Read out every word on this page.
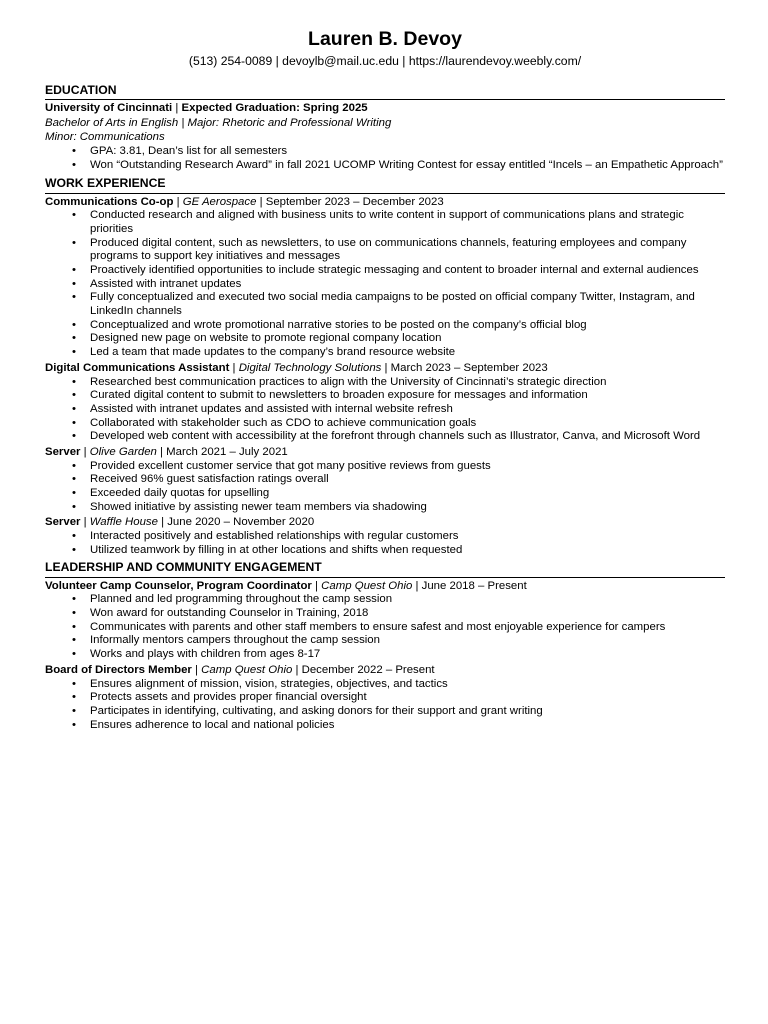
Lauren B. Devoy
(513) 254-0089 | devoylb@mail.uc.edu | https://laurendevoy.weebly.com/
EDUCATION
University of Cincinnati | Expected Graduation: Spring 2025
Bachelor of Arts in English | Major: Rhetoric and Professional Writing
Minor: Communications
• GPA: 3.81, Dean’s list for all semesters
• Won “Outstanding Research Award” in fall 2021 UCOMP Writing Contest for essay entitled “Incels – an Empathetic Approach”
WORK EXPERIENCE
Communications Co-op | GE Aerospace | September 2023 – December 2023
• Conducted research and aligned with business units to write content in support of communications plans and strategic priorities
• Produced digital content, such as newsletters, to use on communications channels, featuring employees and company programs to support key initiatives and messages
• Proactively identified opportunities to include strategic messaging and content to broader internal and external audiences
• Assisted with intranet updates
• Fully conceptualized and executed two social media campaigns to be posted on official company Twitter, Instagram, and LinkedIn channels
• Conceptualized and wrote promotional narrative stories to be posted on the company’s official blog
• Designed new page on website to promote regional company location
• Led a team that made updates to the company’s brand resource website
Digital Communications Assistant | Digital Technology Solutions | March 2023 – September 2023
• Researched best communication practices to align with the University of Cincinnati’s strategic direction
• Curated digital content to submit to newsletters to broaden exposure for messages and information
• Assisted with intranet updates and assisted with internal website refresh
• Collaborated with stakeholder such as CDO to achieve communication goals
• Developed web content with accessibility at the forefront through channels such as Illustrator, Canva, and Microsoft Word
Server | Olive Garden | March 2021 – July 2021
• Provided excellent customer service that got many positive reviews from guests
• Received 96% guest satisfaction ratings overall
• Exceeded daily quotas for upselling
• Showed initiative by assisting newer team members via shadowing
Server | Waffle House | June 2020 – November 2020
• Interacted positively and established relationships with regular customers
• Utilized teamwork by filling in at other locations and shifts when requested
LEADERSHIP AND COMMUNITY ENGAGEMENT
Volunteer Camp Counselor, Program Coordinator | Camp Quest Ohio | June 2018 – Present
• Planned and led programming throughout the camp session
• Won award for outstanding Counselor in Training, 2018
• Communicates with parents and other staff members to ensure safest and most enjoyable experience for campers
• Informally mentors campers throughout the camp session
• Works and plays with children from ages 8-17
Board of Directors Member | Camp Quest Ohio | December 2022 – Present
• Ensures alignment of mission, vision, strategies, objectives, and tactics
• Protects assets and provides proper financial oversight
• Participates in identifying, cultivating, and asking donors for their support and grant writing
• Ensures adherence to local and national policies
